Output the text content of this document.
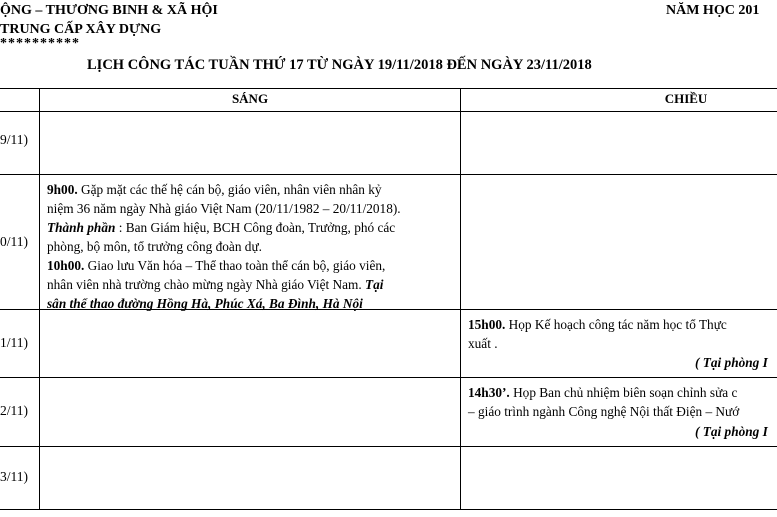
ỘNG – THƯƠNG BINH & XÃ HỘI
TRUNG CẤP XÂY DỰNG
**********
NĂM HỌC 201
LỊCH CÔNG TÁC TUẦN THỨ 17 TỪ NGÀY 19/11/2018 ĐẾN NGÀY 23/11/2018
SÁNG	CHIỀU
9/11)
0/11)
1/11)
2/11)
3/11)
9h00. Gặp mặt các thế hệ cán bộ, giáo viên, nhân viên nhân kỷ
niệm 36 năm ngày Nhà giáo Việt Nam (20/11/1982 – 20/11/2018).
Thành phần : Ban Giám hiệu, BCH Công đoàn, Trưởng, phó các
phòng, bộ môn, tổ trưởng công đoàn dự.
10h00. Giao lưu Văn hóa – Thể thao toàn thể cán bộ, giáo viên,
nhân viên nhà trường chào mừng ngày Nhà giáo Việt Nam. Tại
sân thể thao đường Hồng Hà, Phúc Xá, Ba Đình, Hà Nội
15h00. Họp Kế hoạch công tác năm học tổ Thực
xuất .
( Tại phòng I
14h30’. Họp Ban chủ nhiệm biên soạn chỉnh sửa c
– giáo trình ngành Công nghệ Nội thất Điện – Nướ
( Tại phòng I
